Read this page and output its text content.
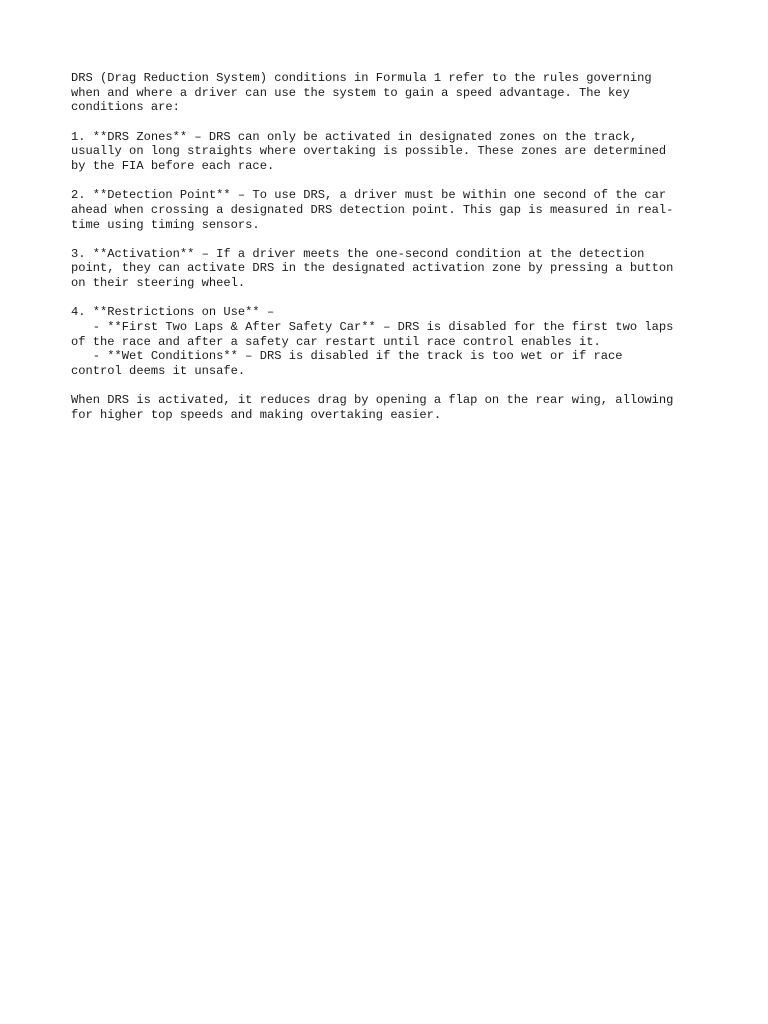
DRS (Drag Reduction System) conditions in Formula 1 refer to the rules governing
when and where a driver can use the system to gain a speed advantage. The key
conditions are:
1. **DRS Zones** – DRS can only be activated in designated zones on the track,
usually on long straights where overtaking is possible. These zones are determined
by the FIA before each race.
2. **Detection Point** – To use DRS, a driver must be within one second of the car
ahead when crossing a designated DRS detection point. This gap is measured in real-
time using timing sensors.
3. **Activation** – If a driver meets the one-second condition at the detection
point, they can activate DRS in the designated activation zone by pressing a button
on their steering wheel.
4. **Restrictions on Use** –
- **First Two Laps & After Safety Car** – DRS is disabled for the first two laps
of the race and after a safety car restart until race control enables it.
- **Wet Conditions** – DRS is disabled if the track is too wet or if race
control deems it unsafe.
When DRS is activated, it reduces drag by opening a flap on the rear wing, allowing
for higher top speeds and making overtaking easier.
